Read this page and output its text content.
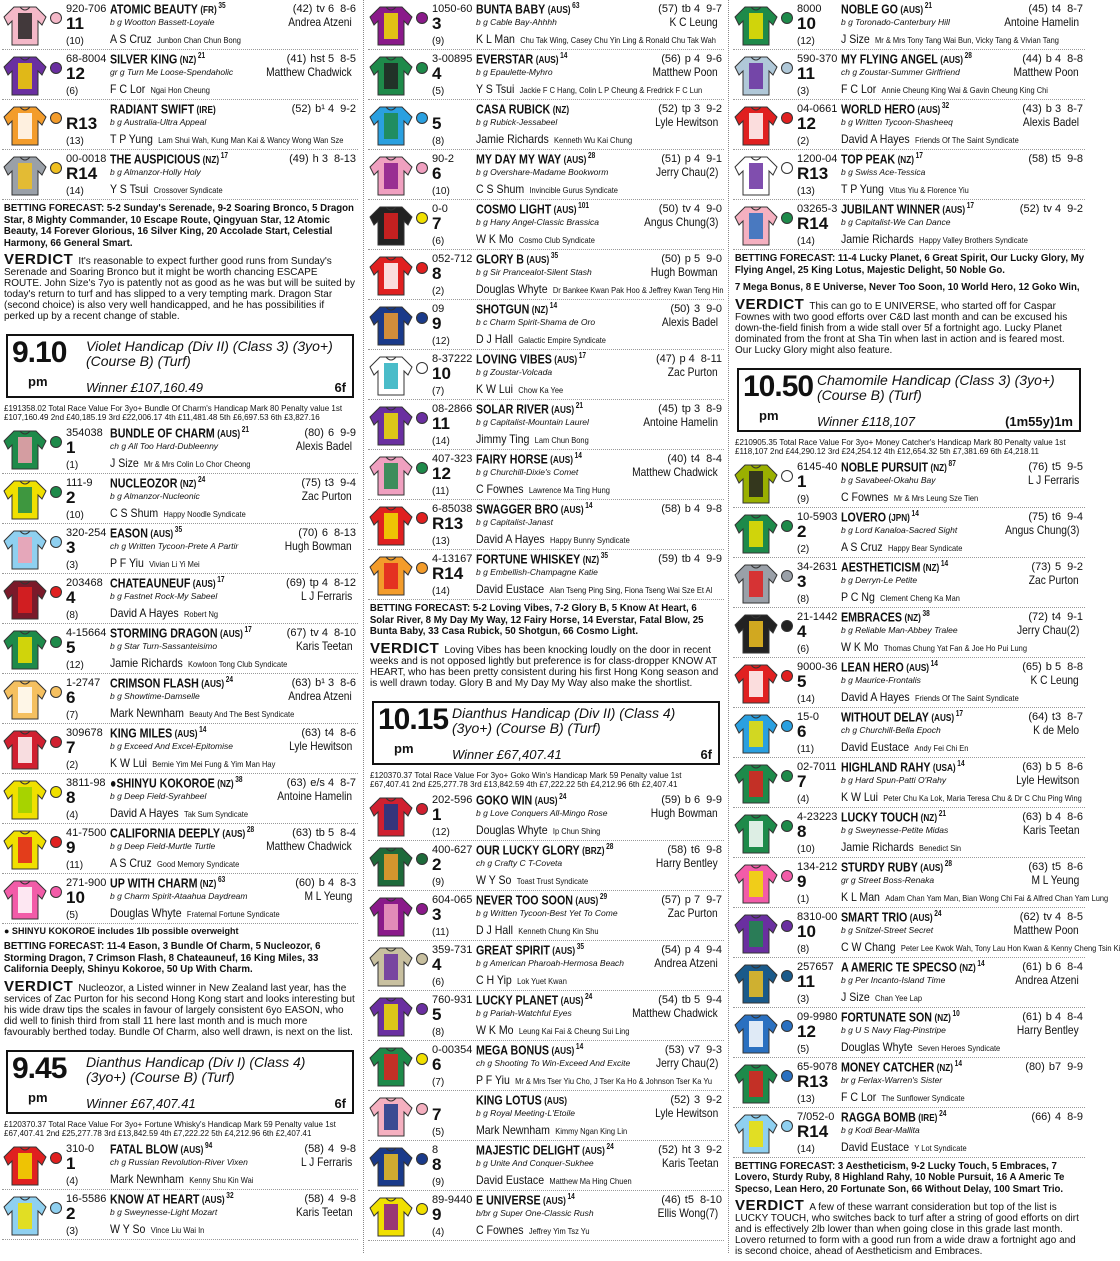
920-706
11
(10)
ATOMIC BEAUTY (FR) $^{35}$	(42) tv 6 8-6
Andrea Atzeni
b g Wootton Bassett-Loyale
A S Cruz Junbon Chan Chun Bong
68-8004
12
(6)
SILVER KING (NZ) $^{21}$	(41) hst 5 8-5
Matthew Chadwick
gr g Turn Me Loose-Spendaholic
F C Lor Ngai Hon Cheung
R13
(13)
RADIANT SWIFT (IRE)	(52) b¹ 4 9-2
b g Australia-Ultra Appeal
T P Yung Lam Shui Wah, Kung Man Kai & Wancy Wong Wan Sze
00-0018
R14
(14)
THE AUSPICIOUS (NZ) $^{17}$	(49) h 3 8-13
b g Almanzor-Holly Holy
Y S Tsui Crossover Syndicate
BETTING FORECAST: 5-2 Sunday's Serenade, 9-2 Soaring Bronco, 5 Dragon Star, 8 Mighty Commander, 10 Escape Route, Qingyuan Star, 12 Atomic Beauty, 14 Forever Glorious, 16 Silver King, 20 Accolade Start, Celestial Harmony, 66 General Smart.
VERDICT It's reasonable to expect further good runs from Sunday's Serenade and Soaring Bronco but it might be worth chancing ESCAPE ROUTE. John Size's 7yo is patently not as good as he was but will be suited by today's return to turf and has slipped to a very tempting mark. Dragon Star (second choice) is also very well handicapped, and he has possibilities if perked up by a recent change of stable.
9.10
pm
Violet Handicap (Div II) (Class 3) (3yo+) (Course B) (Turf)
Winner £107,160.49	6f
£191358.02 Total Race Value For 3yo+ Bundle Of Charm's Handicap Mark 80 Penalty value 1st £107,160.49 2nd £40,185.19 3rd £22,006.17 4th £11,481.48 5th £6,697.53 6th £3,827.16
354038
1
(1)
BUNDLE OF CHARM (AUS) $^{21}$	(80) 6 9-9
Alexis Badel
ch g All Too Hard-Dubleenny
J Size Mr & Mrs Colin Lo Chor Cheong
111-9
2
(10)
NUCLEOZOR (NZ) $^{24}$	(75) t3 9-4
Zac Purton
b g Almanzor-Nucleonic
C S Shum Happy Noodle Syndicate
320-254
3
(3)
EASON (AUS) $^{35}$	(70) 6 8-13
Hugh Bowman
ch g Written Tycoon-Prete A Partir
P F Yiu Vivian Li Yi Mei
203468
4
(8)
CHATEAUNEUF (AUS) $^{17}$	(69) tp 4 8-12
L J Ferraris
b g Fastnet Rock-My Sabeel
David A Hayes Robert Ng
4-15664
5
(12)
STORMING DRAGON (AUS) $^{17}$	(67) tv 4 8-10
Karis Teetan
b g Star Turn-Sassanteisimo
Jamie Richards Kowloon Tong Club Syndicate
1-2747
6
(7)
CRIMSON FLASH (AUS) $^{24}$	(63) b¹ 3 8-6
Andrea Atzeni
b g Showtime-Damselle
Mark Newnham Beauty And The Best Syndicate
309678
7
(2)
KING MILES (AUS) $^{14}$	(63) t4 8-6
Lyle Hewitson
b g Exceed And Excel-Epitomise
K W Lui Bernie Yim Mei Fung & Yim Man Hay
3811-98
8
(4)
●SHINYU KOKOROE (NZ) $^{38}$	(63) e/s 4 8-7
Antoine Hamelin
b g Deep Field-Syrahbeel
David A Hayes Tak Sum Syndicate
41-7500
9
(11)
CALIFORNIA DEEPLY (AUS) $^{28}$	(63) tb 5 8-4
Matthew Chadwick
b g Deep Field-Murtle Turtle
A S Cruz Good Memory Syndicate
271-900
10
(5)
UP WITH CHARM (NZ) $^{63}$	(60) b 4 8-3
M L Yeung
b g Charm Spirit-Ataahua Daydream
Douglas Whyte Fraternal Fortune Syndicate
● SHINYU KOKOROE includes 1lb possible overweight
BETTING FORECAST: 11-4 Eason, 3 Bundle Of Charm, 5 Nucleozor, 6 Storming Dragon, 7 Crimson Flash, 8 Chateauneuf, 16 King Miles, 33 California Deeply, Shinyu Kokoroe, 50 Up With Charm.
VERDICT Nucleozor, a Listed winner in New Zealand last year, has the services of Zac Purton for his second Hong Kong start and looks interesting but his wide draw tips the scales in favour of largely consistent 6yo EASON, who did well to finish third from stall 11 here last month and is much more favourably berthed today. Bundle Of Charm, also well drawn, is next on the list.
9.45
pm
Dianthus Handicap (Div I) (Class 4) (3yo+) (Course B) (Turf)
Winner £67,407.41	6f
£120370.37 Total Race Value For 3yo+ Fortune Whisky's Handicap Mark 59 Penalty value 1st £67,407.41 2nd £25,277.78 3rd £13,842.59 4th £7,222.22 5th £4,212.96 6th £2,407.41
310-0
1
(4)
FATAL BLOW (AUS) $^{94}$	(58) 4 9-8
L J Ferraris
ch g Russian Revolution-River Vixen
Mark Newnham Kenny Shu Kin Wai
16-5586
2
(3)
KNOW AT HEART (AUS) $^{32}$	(58) 4 9-8
Karis Teetan
b g Sweynesse-Light Mozart
W Y So Vince Liu Wai In
1050-60
3
(9)
BUNTA BABY (AUS) $^{63}$	(57) tb 4 9-7
K C Leung
b g Cable Bay-Ahhhh
K L Man Chu Tak Wing, Casey Chu Yin Ling & Ronald Chu Tak Wah
3-00895
4
(5)
EVERSTAR (AUS) $^{14}$	(56) p 4 9-6
Matthew Poon
b g Epaulette-Myhro
Y S Tsui Jackie F C Hang, Colin L P Cheung & Fredrick F C Lun
5
(8)
CASA RUBICK (NZ)	(52) tp 3 9-2
Lyle Hewitson
b g Rubick-Jessabeel
Jamie Richards Kenneth Wu Kai Chung
90-2
6
(10)
MY DAY MY WAY (AUS) $^{28}$	(51) p 4 9-1
Jerry Chau(2)
b g Overshare-Madame Bookworm
C S Shum Invincible Gurus Syndicate
0-0
7
(6)
COSMO LIGHT (AUS) $^{101}$	(50) tv 4 9-0
Angus Chung(3)
b g Hany Angel-Classic Brassica
W K Mo Cosmo Club Syndicate
052-712
8
(2)
GLORY B (AUS) $^{35}$	(50) p 5 9-0
Hugh Bowman
b g Sir Prancealot-Silent Stash
Douglas Whyte Dr Bankee Kwan Pak Hoo & Jeffrey Kwan Teng Hin
09
9
(12)
SHOTGUN (NZ) $^{14}$	(50) 3 9-0
Alexis Badel
b c Charm Spirit-Shama de Oro
D J Hall Galactic Empire Syndicate
8-37222
10
(7)
LOVING VIBES (AUS) $^{17}$	(47) p 4 8-11
Zac Purton
b g Zoustar-Volcada
K W Lui Chow Ka Yee
08-2866
11
(14)
SOLAR RIVER (AUS) $^{21}$	(45) tp 3 8-9
Antoine Hamelin
b g Capitalist-Mountain Laurel
Jimmy Ting Lam Chun Bong
407-323
12
(11)
FAIRY HORSE (AUS) $^{14}$	(40) t4 8-4
Matthew Chadwick
b g Churchill-Dixie's Comet
C Fownes Lawrence Ma Ting Hung
6-85038
R13
(13)
SWAGGER BRO (AUS) $^{14}$	(58) b 4 9-8
b g Capitalist-Janast
David A Hayes Happy Bunny Syndicate
4-13167
R14
(14)
FORTUNE WHISKEY (NZ) $^{35}$	(59) tb 4 9-9
b g Embellish-Champagne Katie
David Eustace Alan Tseng Ping Sing, Fiona Tseng Wai Sze Et Al
BETTING FORECAST: 5-2 Loving Vibes, 7-2 Glory B, 5 Know At Heart, 6 Solar River, 8 My Day My Way, 12 Fairy Horse, 14 Everstar, Fatal Blow, 25 Bunta Baby, 33 Casa Rubick, 50 Shotgun, 66 Cosmo Light.
VERDICT Loving Vibes has been knocking loudly on the door in recent weeks and is not opposed lightly but preference is for class-dropper KNOW AT HEART, who has been pretty consistent during his first Hong Kong season and is well drawn today. Glory B and My Day My Way also make the shortlist.
10.15
pm
Dianthus Handicap (Div II) (Class 4) (3yo+) (Course B) (Turf)
Winner £67,407.41	6f
£120370.37 Total Race Value For 3yo+ Goko Win's Handicap Mark 59 Penalty value 1st £67,407.41 2nd £25,277.78 3rd £13,842.59 4th £7,222.22 5th £4,212.96 6th £2,407.41
202-596
1
(12)
GOKO WIN (AUS) $^{24}$	(59) b 6 9-9
Hugh Bowman
b g Love Conquers All-Mingo Rose
Douglas Whyte Ip Chun Shing
400-627
2
(9)
OUR LUCKY GLORY (BRZ) $^{28}$	(58) t6 9-8
Harry Bentley
ch g Crafty C T-Coveta
W Y So Toast Trust Syndicate
604-065
3
(11)
NEVER TOO SOON (AUS) $^{29}$	(57) p 7 9-7
Zac Purton
b g Written Tycoon-Best Yet To Come
D J Hall Kenneth Chung Kin Shu
359-731
4
(6)
GREAT SPIRIT (AUS) $^{35}$	(54) p 4 9-4
Andrea Atzeni
b g American Pharoah-Hermosa Beach
C H Yip Lok Yuet Kwan
760-931
5
(8)
LUCKY PLANET (AUS) $^{24}$	(54) tb 5 9-4
Matthew Chadwick
b g Pariah-Watchful Eyes
W K Mo Leung Kai Fai & Cheung Sui Ling
0-00354
6
(7)
MEGA BONUS (AUS) $^{14}$	(53) v7 9-3
Jerry Chau(2)
ch g Shooting To Win-Exceed And Excite
P F Yiu Mr & Mrs Tser Yiu Cho, J Tser Ka Ho & Johnson Tser Ka Yu
7
(5)
KING LOTUS (AUS)	(52) 3 9-2
Lyle Hewitson
b g Royal Meeting-L'Etoile
Mark Newnham Kimmy Ngan King Lin
8
8
(9)
MAJESTIC DELIGHT (AUS) $^{24}$	(52) ht 3 9-2
Karis Teetan
b g Unite And Conquer-Sukhee
David Eustace Matthew Ma Hing Chuen
89-9440
9
(4)
E UNIVERSE (AUS) $^{14}$	(46) t5 8-10
Ellis Wong(7)
b/br g Super One-Classic Rush
C Fownes Jeffrey Yim Tsz Yu
8000
10
(12)
NOBLE GO (AUS) $^{21}$	(45) t4 8-7
Antoine Hamelin
b g Toronado-Canterbury Hill
J Size Mr & Mrs Tony Tang Wai Bun, Vicky Tang & Vivian Tang
590-370
11
(3)
MY FLYING ANGEL (AUS) $^{28}$	(44) b 4 8-8
Matthew Poon
ch g Zoustar-Summer Girlfriend
F C Lor Annie Cheung King Wai & Gavin Cheung King Chi
04-0661
12
(2)
WORLD HERO (AUS) $^{32}$	(43) b 3 8-7
Alexis Badel
b g Written Tycoon-Shasheeq
David A Hayes Friends Of The Saint Syndicate
1200-04
R13
(13)
TOP PEAK (NZ) $^{17}$	(58) t5 9-8
b g Swiss Ace-Tessica
T P Yung Vitus Yiu & Florence Yiu
03265-3
R14
(14)
JUBILANT WINNER (AUS) $^{17}$	(52) tv 4 9-2
b g Capitalist-We Can Dance
Jamie Richards Happy Valley Brothers Syndicate
BETTING FORECAST: 11-4 Lucky Planet, 6 Great Spirit, Our Lucky Glory, My Flying Angel, 25 King Lotus, Majestic Delight, 50 Noble Go.
7 Mega Bonus, 8 E Universe, Never Too Soon, 10 World Hero, 12 Goko Win,
VERDICT This can go to E UNIVERSE, who started off for Caspar Fownes with two good efforts over C&D last month and can be excused his down-the-field finish from a wide stall over 5f a fortnight ago. Lucky Planet dominated from the front at Sha Tin when last in action and is feared most. Our Lucky Glory might also feature.
10.50
pm
Chamomile Handicap (Class 3) (3yo+) (Course B) (Turf)
Winner £118,107	(1m55y)1m
£210905.35 Total Race Value For 3yo+ Money Catcher's Handicap Mark 80 Penalty value 1st £118,107 2nd £44,290.12 3rd £24,254.12 4th £12,654.32 5th £7,381.69 6th £4,218.11
6145-40
1
(9)
NOBLE PURSUIT (NZ) $^{87}$	(76) t5 9-5
L J Ferraris
b g Savabeel-Okahu Bay
C Fownes Mr & Mrs Leung Sze Tien
10-5903
2
(2)
LOVERO (JPN) $^{14}$	(75) t6 9-4
Angus Chung(3)
b g Lord Kanaloa-Sacred Sight
A S Cruz Happy Bear Syndicate
34-2631
3
(8)
AESTHETICISM (NZ) $^{14}$	(73) 5 9-2
Zac Purton
b g Derryn-Le Petite
P C Ng Clement Cheng Ka Man
21-1442
4
(6)
EMBRACES (NZ) $^{38}$	(72) t4 9-1
Jerry Chau(2)
b g Reliable Man-Abbey Tralee
W K Mo Thomas Chung Yat Fan & Joe Ho Pui Lung
9000-36
5
(14)
LEAN HERO (AUS) $^{14}$	(65) b 5 8-8
K C Leung
b g Maurice-Frontalis
David A Hayes Friends Of The Saint Syndicate
15-0
6
(11)
WITHOUT DELAY (AUS) $^{17}$	(64) t3 8-7
K de Melo
ch g Churchill-Bella Epoch
David Eustace Andy Fei Chi En
02-7011
7
(4)
HIGHLAND RAHY (USA) $^{14}$	(63) b 5 8-6
Lyle Hewitson
b g Hard Spun-Patti O'Rahy
K W Lui Peter Chu Ka Lok, Maria Teresa Chu & Dr C Chu Ping Wing
4-23223
8
(10)
LUCKY TOUCH (NZ) $^{21}$	(63) b 4 8-6
Karis Teetan
b g Sweynesse-Petite Midas
Jamie Richards Benedict Sin
134-212
9
(1)
STURDY RUBY (AUS) $^{28}$	(63) t5 8-6
M L Yeung
gr g Street Boss-Renaka
K L Man Adam Chan Yam Man, Bian Wong Chi Fai & Alfred Chan Yam Lung
8310-00
10
(8)
SMART TRIO (AUS) $^{24}$	(62) tv 4 8-5
Matthew Poon
b g Snitzel-Street Secret
C W Chang Peter Lee Kwok Wah, Tony Lau Hon Kwan & Kenny Cheng Tsin Ki
257657
11
(3)
A AMERIC TE SPECSO (NZ) $^{14}$	(61) b 6 8-4
Andrea Atzeni
b g Per Incanto-Island Time
J Size Chan Yee Lap
09-9980
12
(5)
FORTUNATE SON (NZ) $^{10}$	(61) b 4 8-4
Harry Bentley
b g U S Navy Flag-Pinstripe
Douglas Whyte Seven Heroes Syndicate
65-9078
R13
(13)
MONEY CATCHER (NZ) $^{14}$	(80) b7 9-9
br g Ferlax-Warren's Sister
F C Lor The Sunflower Syndicate
7/052-0
R14
(14)
RAGGA BOMB (IRE) $^{24}$	(66) 4 8-9
b g Kodi Bear-Mallita
David Eustace Y Lot Syndicate
BETTING FORECAST: 3 Aestheticism, 9-2 Lucky Touch, 5 Embraces, 7 Lovero, Sturdy Ruby, 8 Highland Rahy, 10 Noble Pursuit, 16 A Americ Te Specso, Lean Hero, 20 Fortunate Son, 66 Without Delay, 100 Smart Trio.
VERDICT A few of these warrant consideration but top of the list is LUCKY TOUCH, who switches back to turf after a string of good efforts on dirt and is effectively 2lb lower than when going close in this grade last month. Lovero returned to form with a good run from a wide draw a fortnight ago and is second choice, ahead of Aestheticism and Embraces.
